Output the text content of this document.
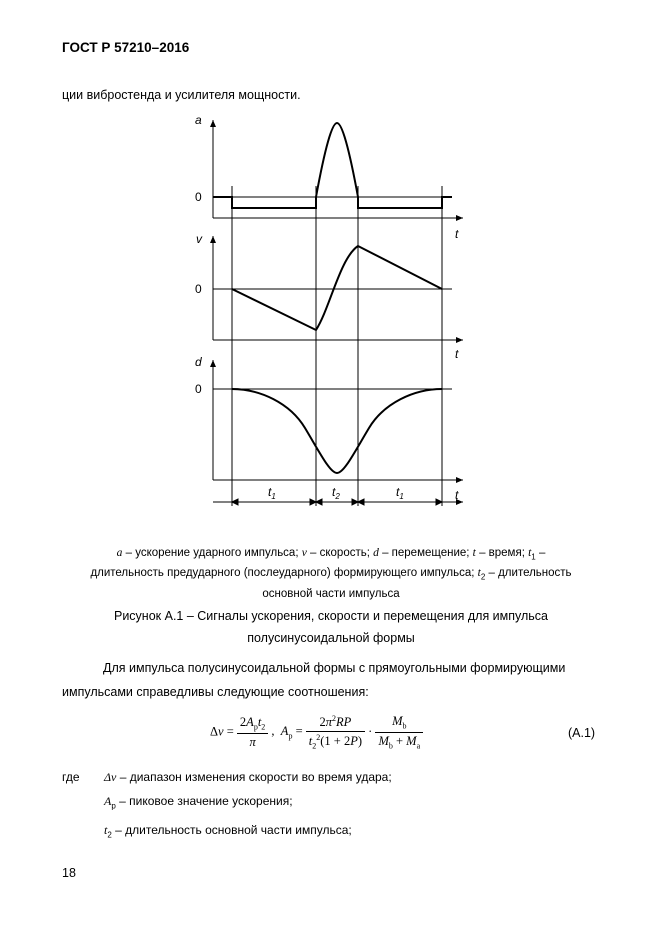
ГОСТ Р 57210–2016
ции вибростенда и усилителя мощности.
a
v
d
t
t
t
$t_1$	$t_2$	$t_1$
0
0
0
a – ускорение ударного импульса; v – скорость; d – перемещение; t – время; $t_1$ –
длительность предударного (послеударного) формирующего импульса; $t_2$ – длительность
основной части импульса
Рисунок А.1 – Сигналы ускорения, скорости и перемещения для импульса
полусинусоидальной формы
Для импульса полусинусоидальной формы с прямоугольными формирующими
импульсами справедливы следующие соотношения:
$\Delta v = \frac{2A_pt_2}{\pi}$ ,  $A_p = \frac{2\pi^2RP}{t_2^2(1 + 2P)} \cdot \frac{M_b}{M_b + M_a}$	(A.1)
где Δv – диапазон изменения скорости во время удара;
$A_p$ – пиковое значение ускорения;
$t_2$ – длительность основной части импульса;
18
